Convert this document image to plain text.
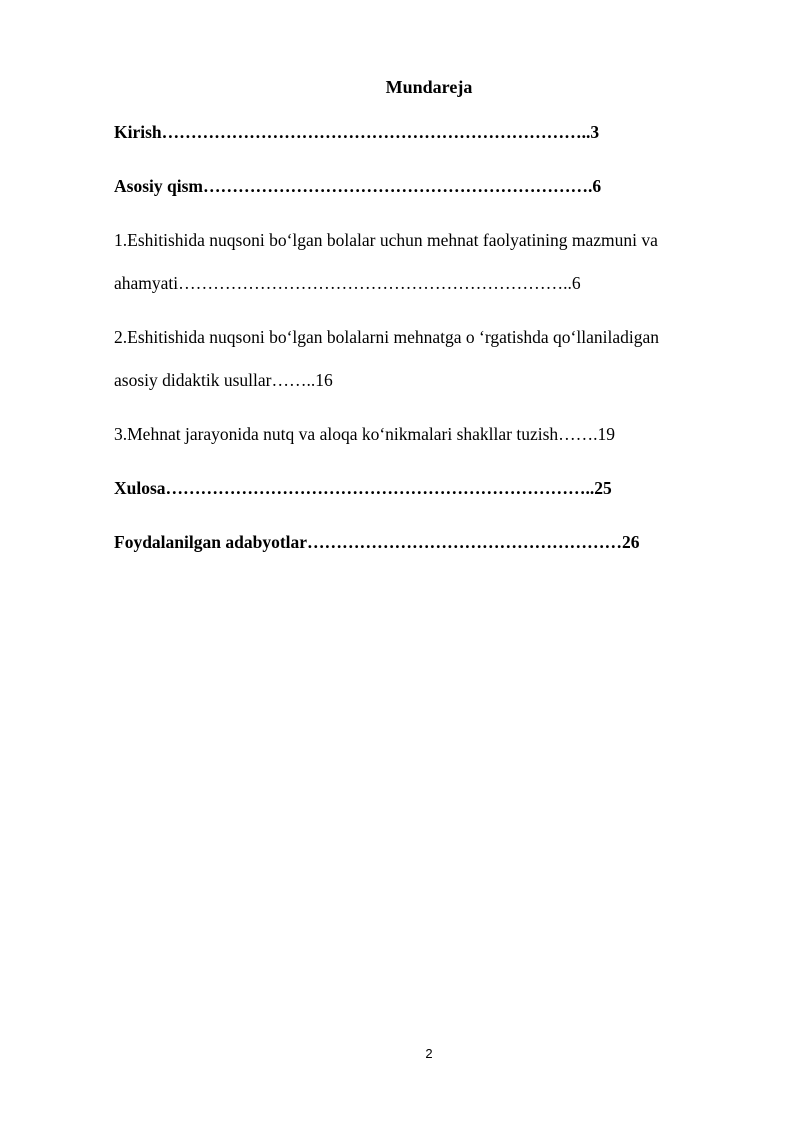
Mundareja
Kirish………………………………………………………………..3
Asosiy qism………………………………………………………….6
1.Eshitishida nuqsoni bo‘lgan bolalar uchun mehnat faolyatining mazmuni va
ahamyati…………………………………………………………..6
2.Eshitishida nuqsoni bo‘lgan bolalarni mehnatga o ‘rgatishda qo‘llaniladigan
asosiy didaktik usullar……..16
3.Mehnat jarayonida nutq va aloqa ko‘nikmalari shakllar tuzish…….19
Xulosa………………………………………………………………..25
Foydalanilgan adabyotlar………………………………………………26
2
